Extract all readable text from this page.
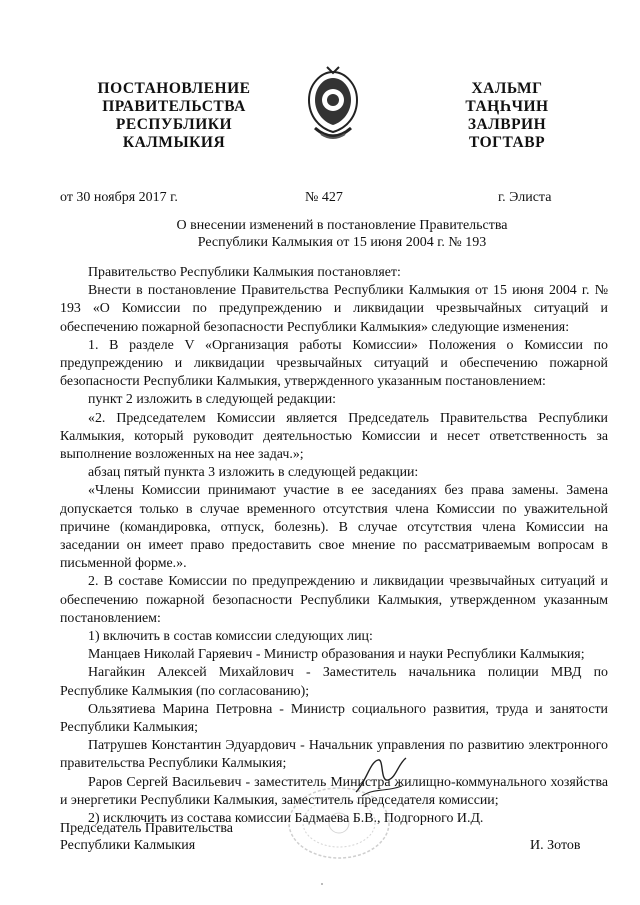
ПОСТАНОВЛЕНИЕ
ПРАВИТЕЛЬСТВА
РЕСПУБЛИКИ
КАЛМЫКИЯ
ХАЛЬМГ
ТАҢҺЧИН
ЗАЛВРИН
ТОГТАВР
от 30 ноября 2017 г.	№ 427	г. Элиста
О внесении изменений в постановление Правительства
Республики Калмыкия от 15 июня 2004 г. № 193

Правительство Республики Калмыкия постановляет:

Внести в постановление Правительства Республики Калмыкия от 15 июня 2004 г. № 193 «О Комиссии по предупреждению и ликвидации чрезвычайных ситуаций и обеспечению пожарной безопасности Республики Калмыкия» следующие изменения:

1. В разделе V «Организация работы Комиссии» Положения о Комиссии по предупреждению и ликвидации чрезвычайных ситуаций и обеспечению пожарной безопасности Республики Калмыкия, утвержденного указанным постановлением:

пункт 2 изложить в следующей редакции:

«2. Председателем Комиссии является Председатель Правительства Республики Калмыкия, который руководит деятельностью Комиссии и несет ответственность за выполнение возложенных на нее задач.»;

абзац пятый пункта 3 изложить в следующей редакции:

«Члены Комиссии принимают участие в ее заседаниях без права замены. Замена допускается только в случае временного отсутствия члена Комиссии по уважительной причине (командировка, отпуск, болезнь). В случае отсутствия члена Комиссии на заседании он имеет право предоставить свое мнение по рассматриваемым вопросам в письменной форме.».

2. В составе Комиссии по предупреждению и ликвидации чрезвычайных ситуаций и обеспечению пожарной безопасности Республики Калмыкия, утвержденном указанным постановлением:

1) включить в состав комиссии следующих лиц:

Манцаев Николай Гаряевич - Министр образования и науки Республики Калмыкия;

Нагайкин Алексей Михайлович - Заместитель начальника полиции МВД по Республике Калмыкия (по согласованию);

Ользятиева Марина Петровна - Министр социального развития, труда и занятости Республики Калмыкия;

Патрушев Константин Эдуардович - Начальник управления по развитию электронного правительства Республики Калмыкия;

Раров Сергей Васильевич - заместитель Министра жилищно-коммунального хозяйства и энергетики Республики Калмыкия, заместитель председателя комиссии;

2) исключить из состава комиссии Бадмаева Б.В., Подгорного И.Д.

Председатель Правительства
Республики Калмыкия	И. Зотов
